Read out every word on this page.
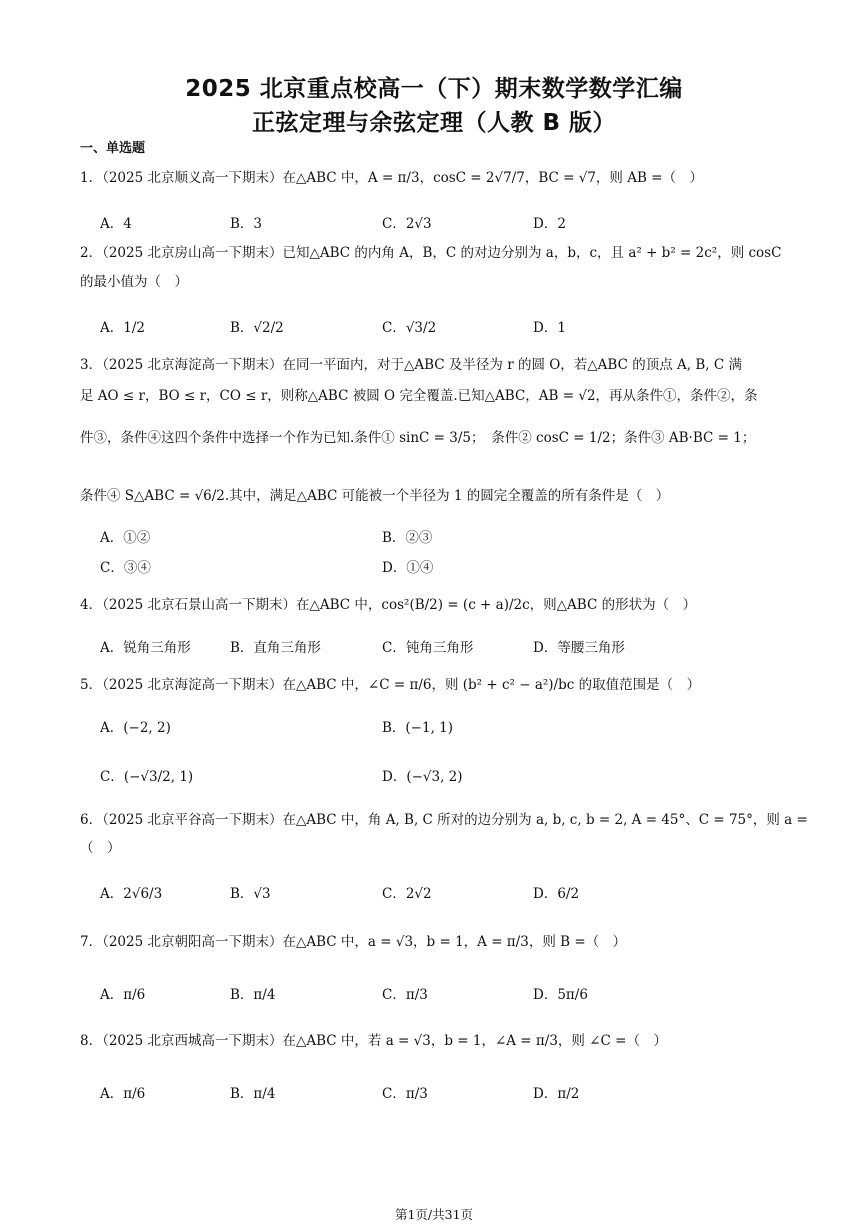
2025 北京重点校高一（下）期末数学数学汇编
正弦定理与余弦定理（人教 B 版）
一、单选题
1．（2025 北京顺义高一下期末）在△ABC 中，A = π/3，cosC = 2√7/7，BC = √7，则 AB =（　）
A．4	B．3	C．2√3	D．2
2．（2025 北京房山高一下期末）已知△ABC 的内角 A，B，C 的对边分别为 a，b，c，且 a² + b² = 2c²，则 cosC
的最小值为（　）
A．1/2	B．√2/2	C．√3/2	D．1
3．（2025 北京海淀高一下期末）在同一平面内，对于△ABC 及半径为 r 的圆 O，若△ABC 的顶点 A, B, C 满
足 AO ≤ r，BO ≤ r，CO ≤ r，则称△ABC 被圆 O 完全覆盖.已知△ABC，AB = √2，再从条件①，条件②，条
件③，条件④这四个条件中选择一个作为已知.条件① sinC = 3/5；　条件② cosC = 1/2；条件③ AB·BC = 1；
条件④ S△ABC = √6/2.其中，满足△ABC 可能被一个半径为 1 的圆完全覆盖的所有条件是（　）
A．①②	B．②③
C．③④	D．①④
4．（2025 北京石景山高一下期末）在△ABC 中，cos²(B/2) = (c + a)/2c，则△ABC 的形状为（　）
A．锐角三角形	B．直角三角形	C．钝角三角形	D．等腰三角形
5．（2025 北京海淀高一下期末）在△ABC 中，∠C = π/6，则 (b² + c² − a²)/bc 的取值范围是（　）
A．(−2, 2)	B．(−1, 1)
C．(−√3/2, 1)	D．(−√3, 2)
6．（2025 北京平谷高一下期末）在△ABC 中，角 A, B, C 所对的边分别为 a, b, c, b = 2, A = 45°、C = 75°，则 a =
（　）
A．2√6/3	B．√3	C．2√2	D．6/2
7．（2025 北京朝阳高一下期末）在△ABC 中，a = √3，b = 1，A = π/3，则 B =（　）
A．π/6	B．π/4	C．π/3	D．5π/6
8．（2025 北京西城高一下期末）在△ABC 中，若 a = √3，b = 1，∠A = π/3，则 ∠C =（　）
A．π/6	B．π/4	C．π/3	D．π/2
第1页/共31页
